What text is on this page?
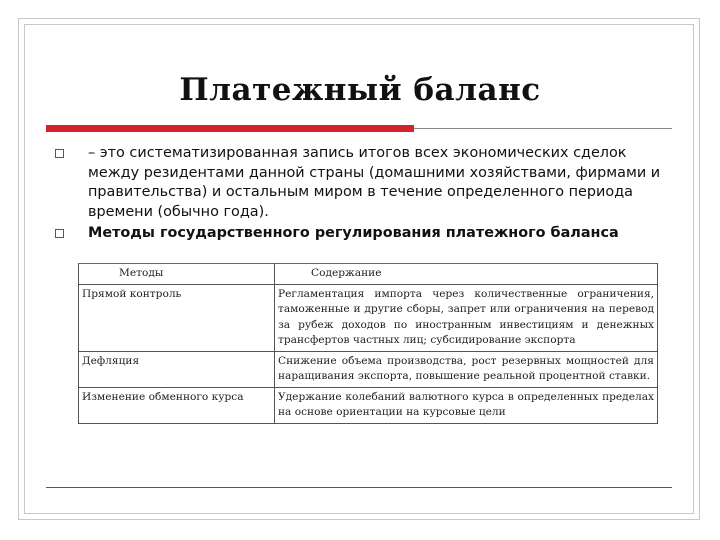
Платежный баланс
– это систематизированная запись итогов всех экономических сделок между резидентами данной страны (домашними хозяйствами, фирмами и правительства) и остальным миром в течение определенного периода времени (обычно года).
Методы государственного регулирования платежного баланса
Методы	Содержание
Прямой контроль	Регламентация импорта через количественные ограничения, таможенные и другие сборы, запрет или ограничения на перевод за рубеж доходов по иностранным инвестициям и денежных трансфертов частных лиц; субсидирование экспорта
Дефляция	Снижение объема производства, рост резервных мощностей для наращивания экспорта, повышение реальной процентной ставки.
Изменение обменного курса	Удержание колебаний валютного курса в определенных пределах на основе ориентации на курсовые цели
